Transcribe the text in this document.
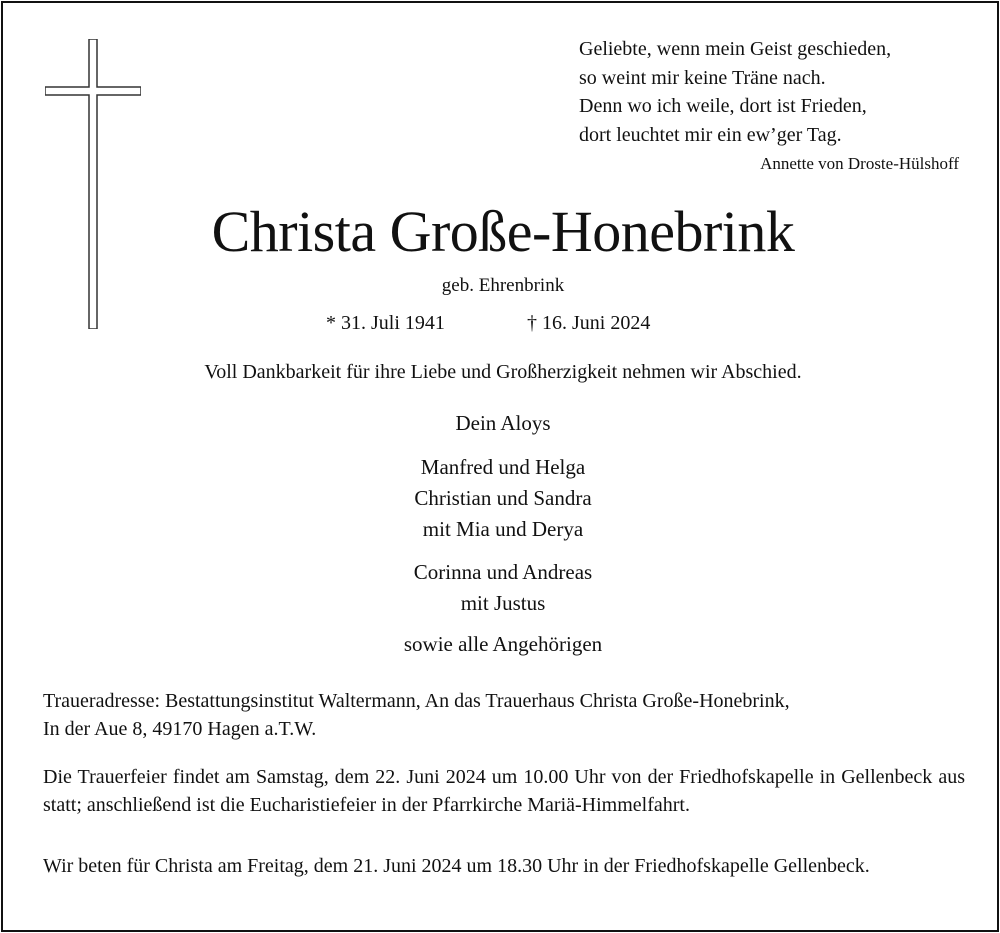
Geliebte, wenn mein Geist geschieden,
so weint mir keine Träne nach.
Denn wo ich weile, dort ist Frieden,
dort leuchtet mir ein ew’ger Tag.
Annette von Droste-Hülshoff
Christa Große-Honebrink
geb. Ehrenbrink
* 31. Juli 1941	† 16. Juni 2024
Voll Dankbarkeit für ihre Liebe und Großherzigkeit nehmen wir Abschied.
Dein Aloys
Manfred und Helga
Christian und Sandra
mit Mia und Derya
Corinna und Andreas
mit Justus
sowie alle Angehörigen
Traueradresse: Bestattungsinstitut Waltermann, An das Trauerhaus Christa Große-Honebrink,
In der Aue 8, 49170 Hagen a.T.W.
Die Trauerfeier findet am Samstag, dem 22. Juni 2024 um 10.00 Uhr von der Friedhofskapelle in Gellenbeck aus statt; anschließend ist die Eucharistiefeier in der Pfarrkirche Mariä-Himmelfahrt.
Wir beten für Christa am Freitag, dem 21. Juni 2024 um 18.30 Uhr in der Friedhofskapelle Gellenbeck.
